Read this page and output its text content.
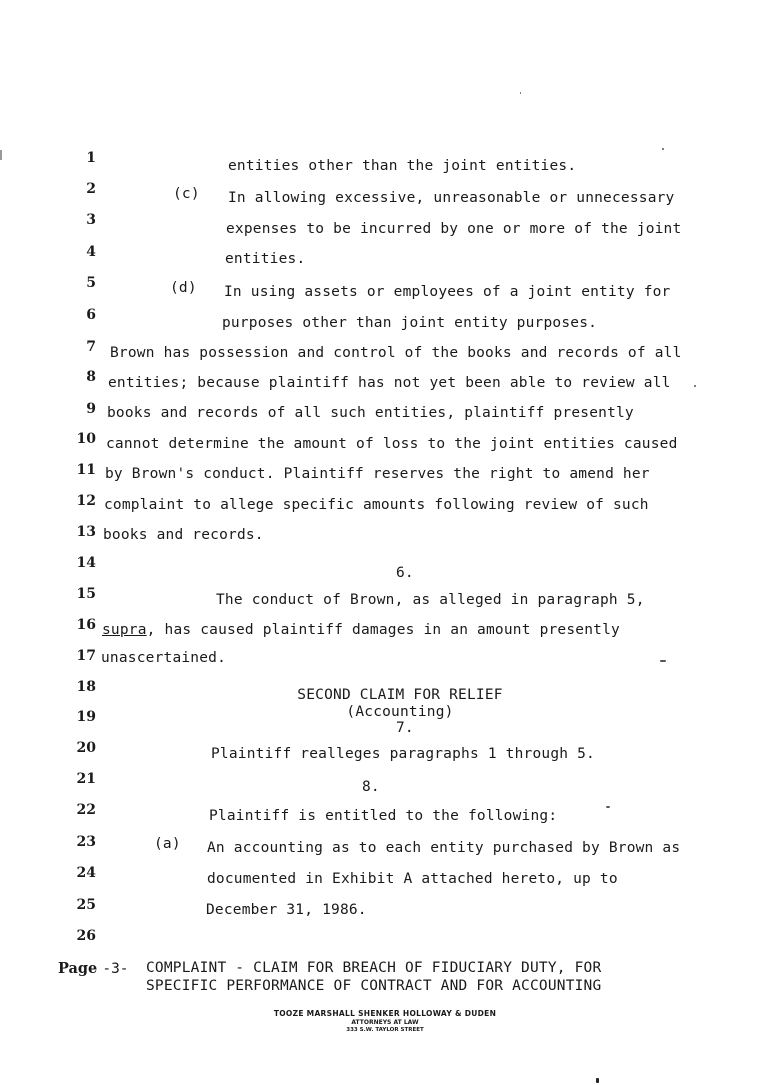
1
2
3
4
5
6
7
8
9
10
11
12
13
14
15
16
17
18
19
20
21
22
23
24
25
26
entities other than the joint entities.
(c) In allowing excessive, unreasonable or unnecessary
expenses to be incurred by one or more of the joint
entities.
(d) In using assets or employees of a joint entity for
purposes other than joint entity purposes.
Brown has possession and control of the books and records of all
entities; because plaintiff has not yet been able to review all
books and records of all such entities, plaintiff presently
cannot determine the amount of loss to the joint entities caused
by Brown's conduct. Plaintiff reserves the right to amend her
complaint to allege specific amounts following review of such
books and records.
6.
The conduct of Brown, as alleged in paragraph 5,
supra, has caused plaintiff damages in an amount presently
unascertained.
SECOND CLAIM FOR RELIEF
(Accounting)
7.
Plaintiff realleges paragraphs 1 through 5.
8.
Plaintiff is entitled to the following:
(a) An accounting as to each entity purchased by Brown as
documented in Exhibit A attached hereto, up to
December 31, 1986.
Page -3- COMPLAINT - CLAIM FOR BREACH OF FIDUCIARY DUTY, FOR
SPECIFIC PERFORMANCE OF CONTRACT AND FOR ACCOUNTING
TOOZE MARSHALL SHENKER HOLLOWAY & DUDEN
ATTORNEYS AT LAW
333 S.W. TAYLOR STREET
